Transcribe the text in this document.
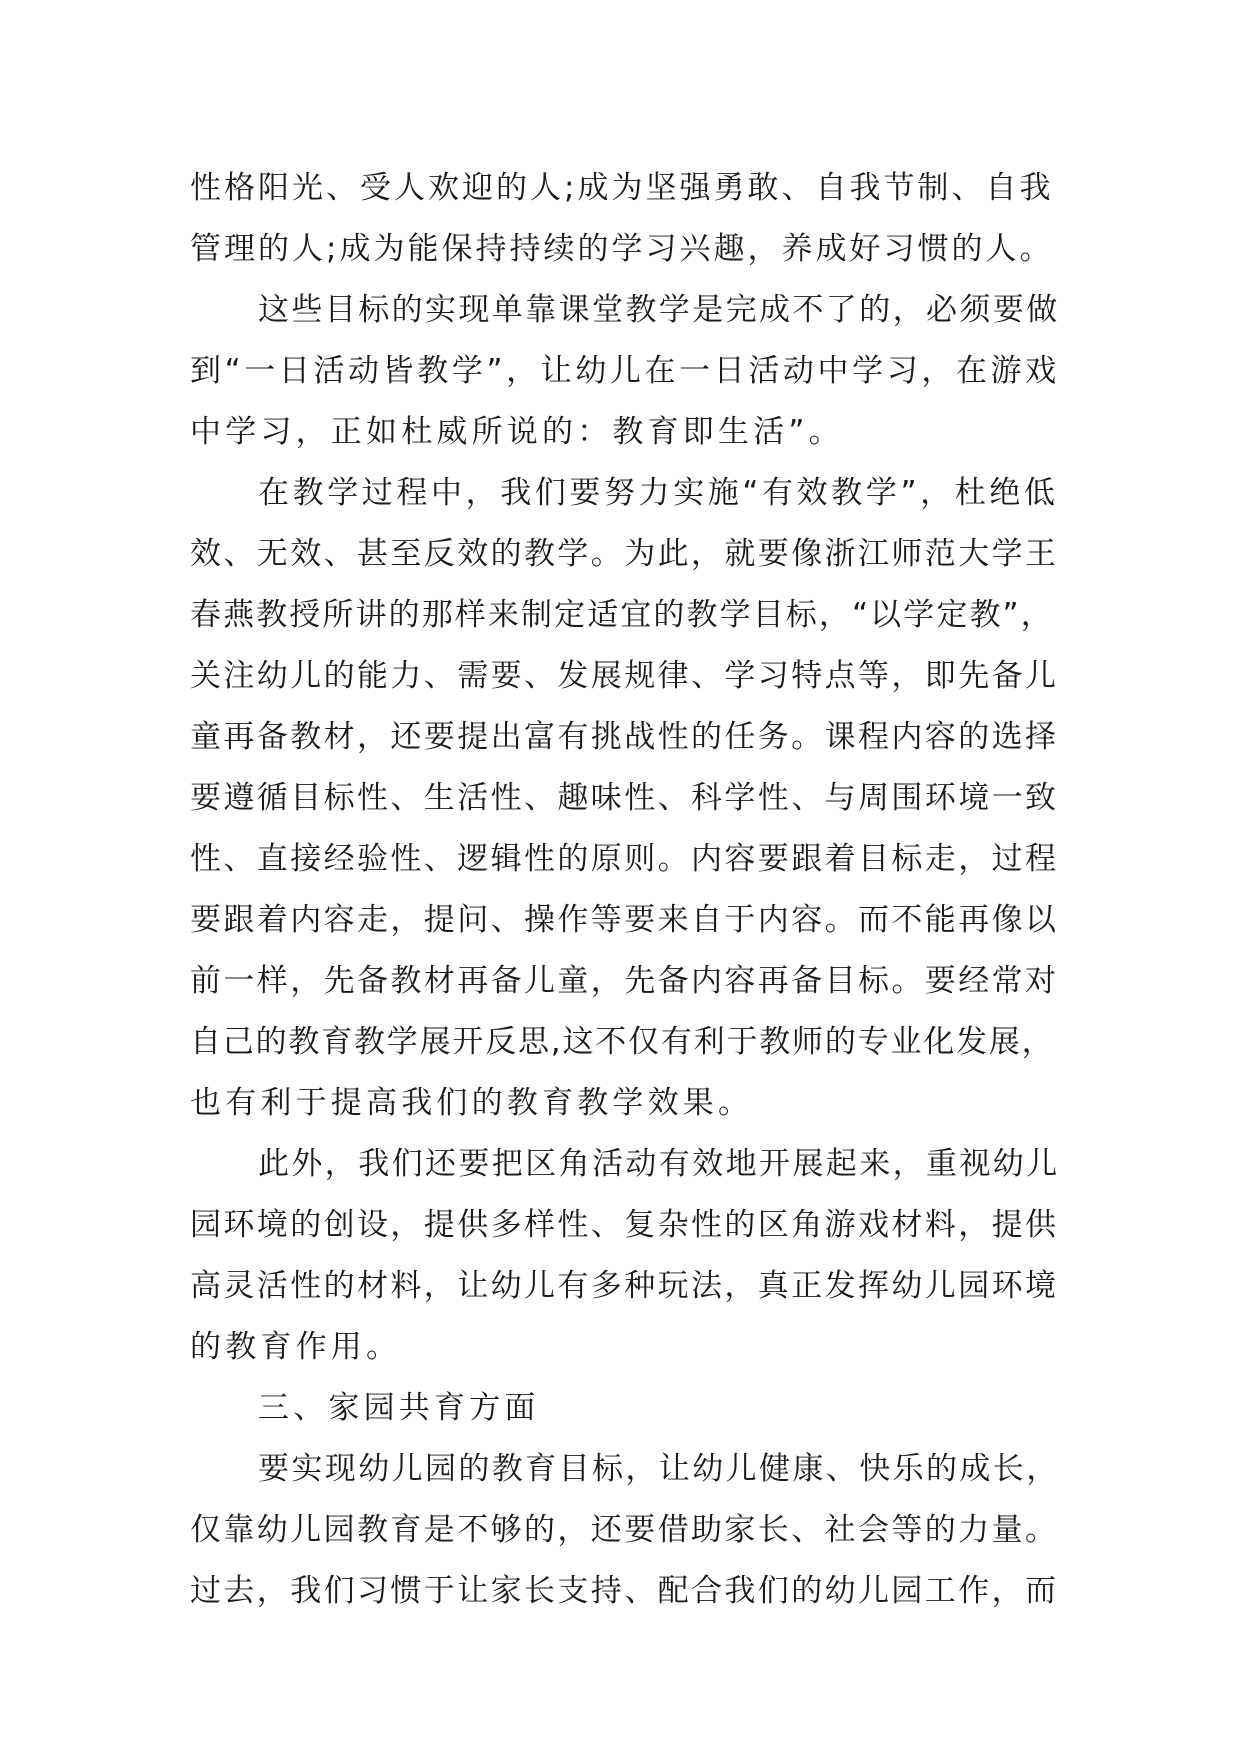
性格阳光、受人欢迎的人;成为坚强勇敢、自我节制、自我
管理的人;成为能保持持续的学习兴趣，养成好习惯的人。
这些目标的实现单靠课堂教学是完成不了的，必须要做
到“一日活动皆教学”，让幼儿在一日活动中学习，在游戏
中学习，正如杜威所说的：教育即生活”。
在教学过程中，我们要努力实施“有效教学”，杜绝低
效、无效、甚至反效的教学。为此，就要像浙江师范大学王
春燕教授所讲的那样来制定适宜的教学目标，“以学定教”，
关注幼儿的能力、需要、发展规律、学习特点等，即先备儿
童再备教材，还要提出富有挑战性的任务。课程内容的选择
要遵循目标性、生活性、趣味性、科学性、与周围环境一致
性、直接经验性、逻辑性的原则。内容要跟着目标走，过程
要跟着内容走，提问、操作等要来自于内容。而不能再像以
前一样，先备教材再备儿童，先备内容再备目标。要经常对
自己的教育教学展开反思,这不仅有利于教师的专业化发展，
也有利于提高我们的教育教学效果。
此外，我们还要把区角活动有效地开展起来，重视幼儿
园环境的创设，提供多样性、复杂性的区角游戏材料，提供
高灵活性的材料，让幼儿有多种玩法，真正发挥幼儿园环境
的教育作用。
三、家园共育方面
要实现幼儿园的教育目标，让幼儿健康、快乐的成长，
仅靠幼儿园教育是不够的，还要借助家长、社会等的力量。
过去，我们习惯于让家长支持、配合我们的幼儿园工作，而
